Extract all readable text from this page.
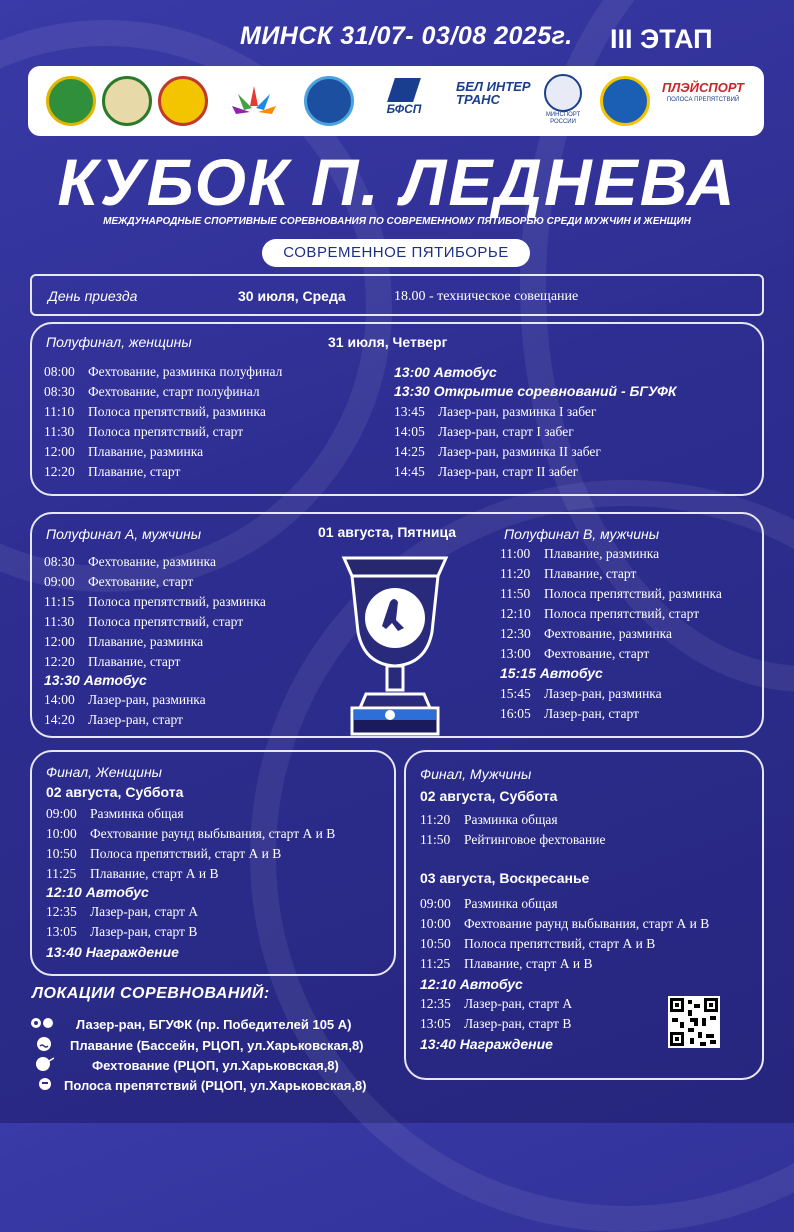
МИНСК 31/07- 03/08 2025г. III ЭТАП
БФСП
БЕЛ ИНТЕР ТРАНС
МИНСПОРТ РОССИИ
ПЛЭЙСПОРТ
ПОЛОСА ПРЕПЯТСТВИЙ
КУБОК П. ЛЕДНЕВА
МЕЖДУНАРОДНЫЕ СПОРТИВНЫЕ СОРЕВНОВАНИЯ ПО СОВРЕМЕННОМУ ПЯТИБОРЬЮ СРЕДИ МУЖЧИН И ЖЕНЩИН
СОВРЕМЕННОЕ ПЯТИБОРЬЕ
День приезда	30 июля, Среда	18.00 - техническое совещание
Полуфинал, женщины	31 июля, Четверг
08:00 Фехтование, разминка полуфинал
08:30 Фехтование, старт полуфинал
11:10 Полоса препятствий, разминка
11:30 Полоса препятствий, старт
12:00 Плавание, разминка
12:20 Плавание, старт
13:00 Автобус
13:30 Открытие соревнований - БГУФК
13:45 Лазер-ран, разминка I забег
14:05 Лазер-ран, старт I забег
14:25 Лазер-ран, разминка II забег
14:45 Лазер-ран, старт II забег
Полуфинал А, мужчины	01 августа, Пятница	Полуфинал В, мужчины
08:30 Фехтование, разминка
09:00 Фехтование, старт
11:15 Полоса препятствий, разминка
11:30 Полоса препятствий, старт
12:00 Плавание, разминка
12:20 Плавание, старт
13:30 Автобус
14:00 Лазер-ран, разминка
14:20 Лазер-ран, старт
11:00 Плавание, разминка
11:20 Плавание, старт
11:50 Полоса препятствий, разминка
12:10 Полоса препятствий, старт
12:30 Фехтование, разминка
13:00 Фехтование, старт
15:15 Автобус
15:45 Лазер-ран, разминка
16:05 Лазер-ран, старт
Финал, Женщины
02 августа, Суббота
09:00 Разминка общая
10:00 Фехтование раунд выбывания, старт А и В
10:50 Полоса препятствий, старт А и В
11:25 Плавание, старт А и В
12:10 Автобус
12:35 Лазер-ран, старт А
13:05 Лазер-ран, старт В
13:40 Награждение
Финал, Мужчины
02 августа, Суббота
11:20 Разминка общая
11:50 Рейтинговое фехтование
03 августа, Воскресанье
09:00 Разминка общая
10:00 Фехтование раунд выбывания, старт А и В
10:50 Полоса препятствий, старт А и В
11:25 Плавание, старт А и В
12:10 Автобус
12:35 Лазер-ран, старт А
13:05 Лазер-ран, старт В
13:40 Награждение
ЛОКАЦИИ СОРЕВНОВАНИЙ:
Лазер-ран, БГУФК (пр. Победителей 105 А)
Плавание (Бассейн, РЦОП, ул.Харьковская,8)
Фехтование (РЦОП, ул.Харьковская,8)
Полоса препятствий (РЦОП, ул.Харьковская,8)
